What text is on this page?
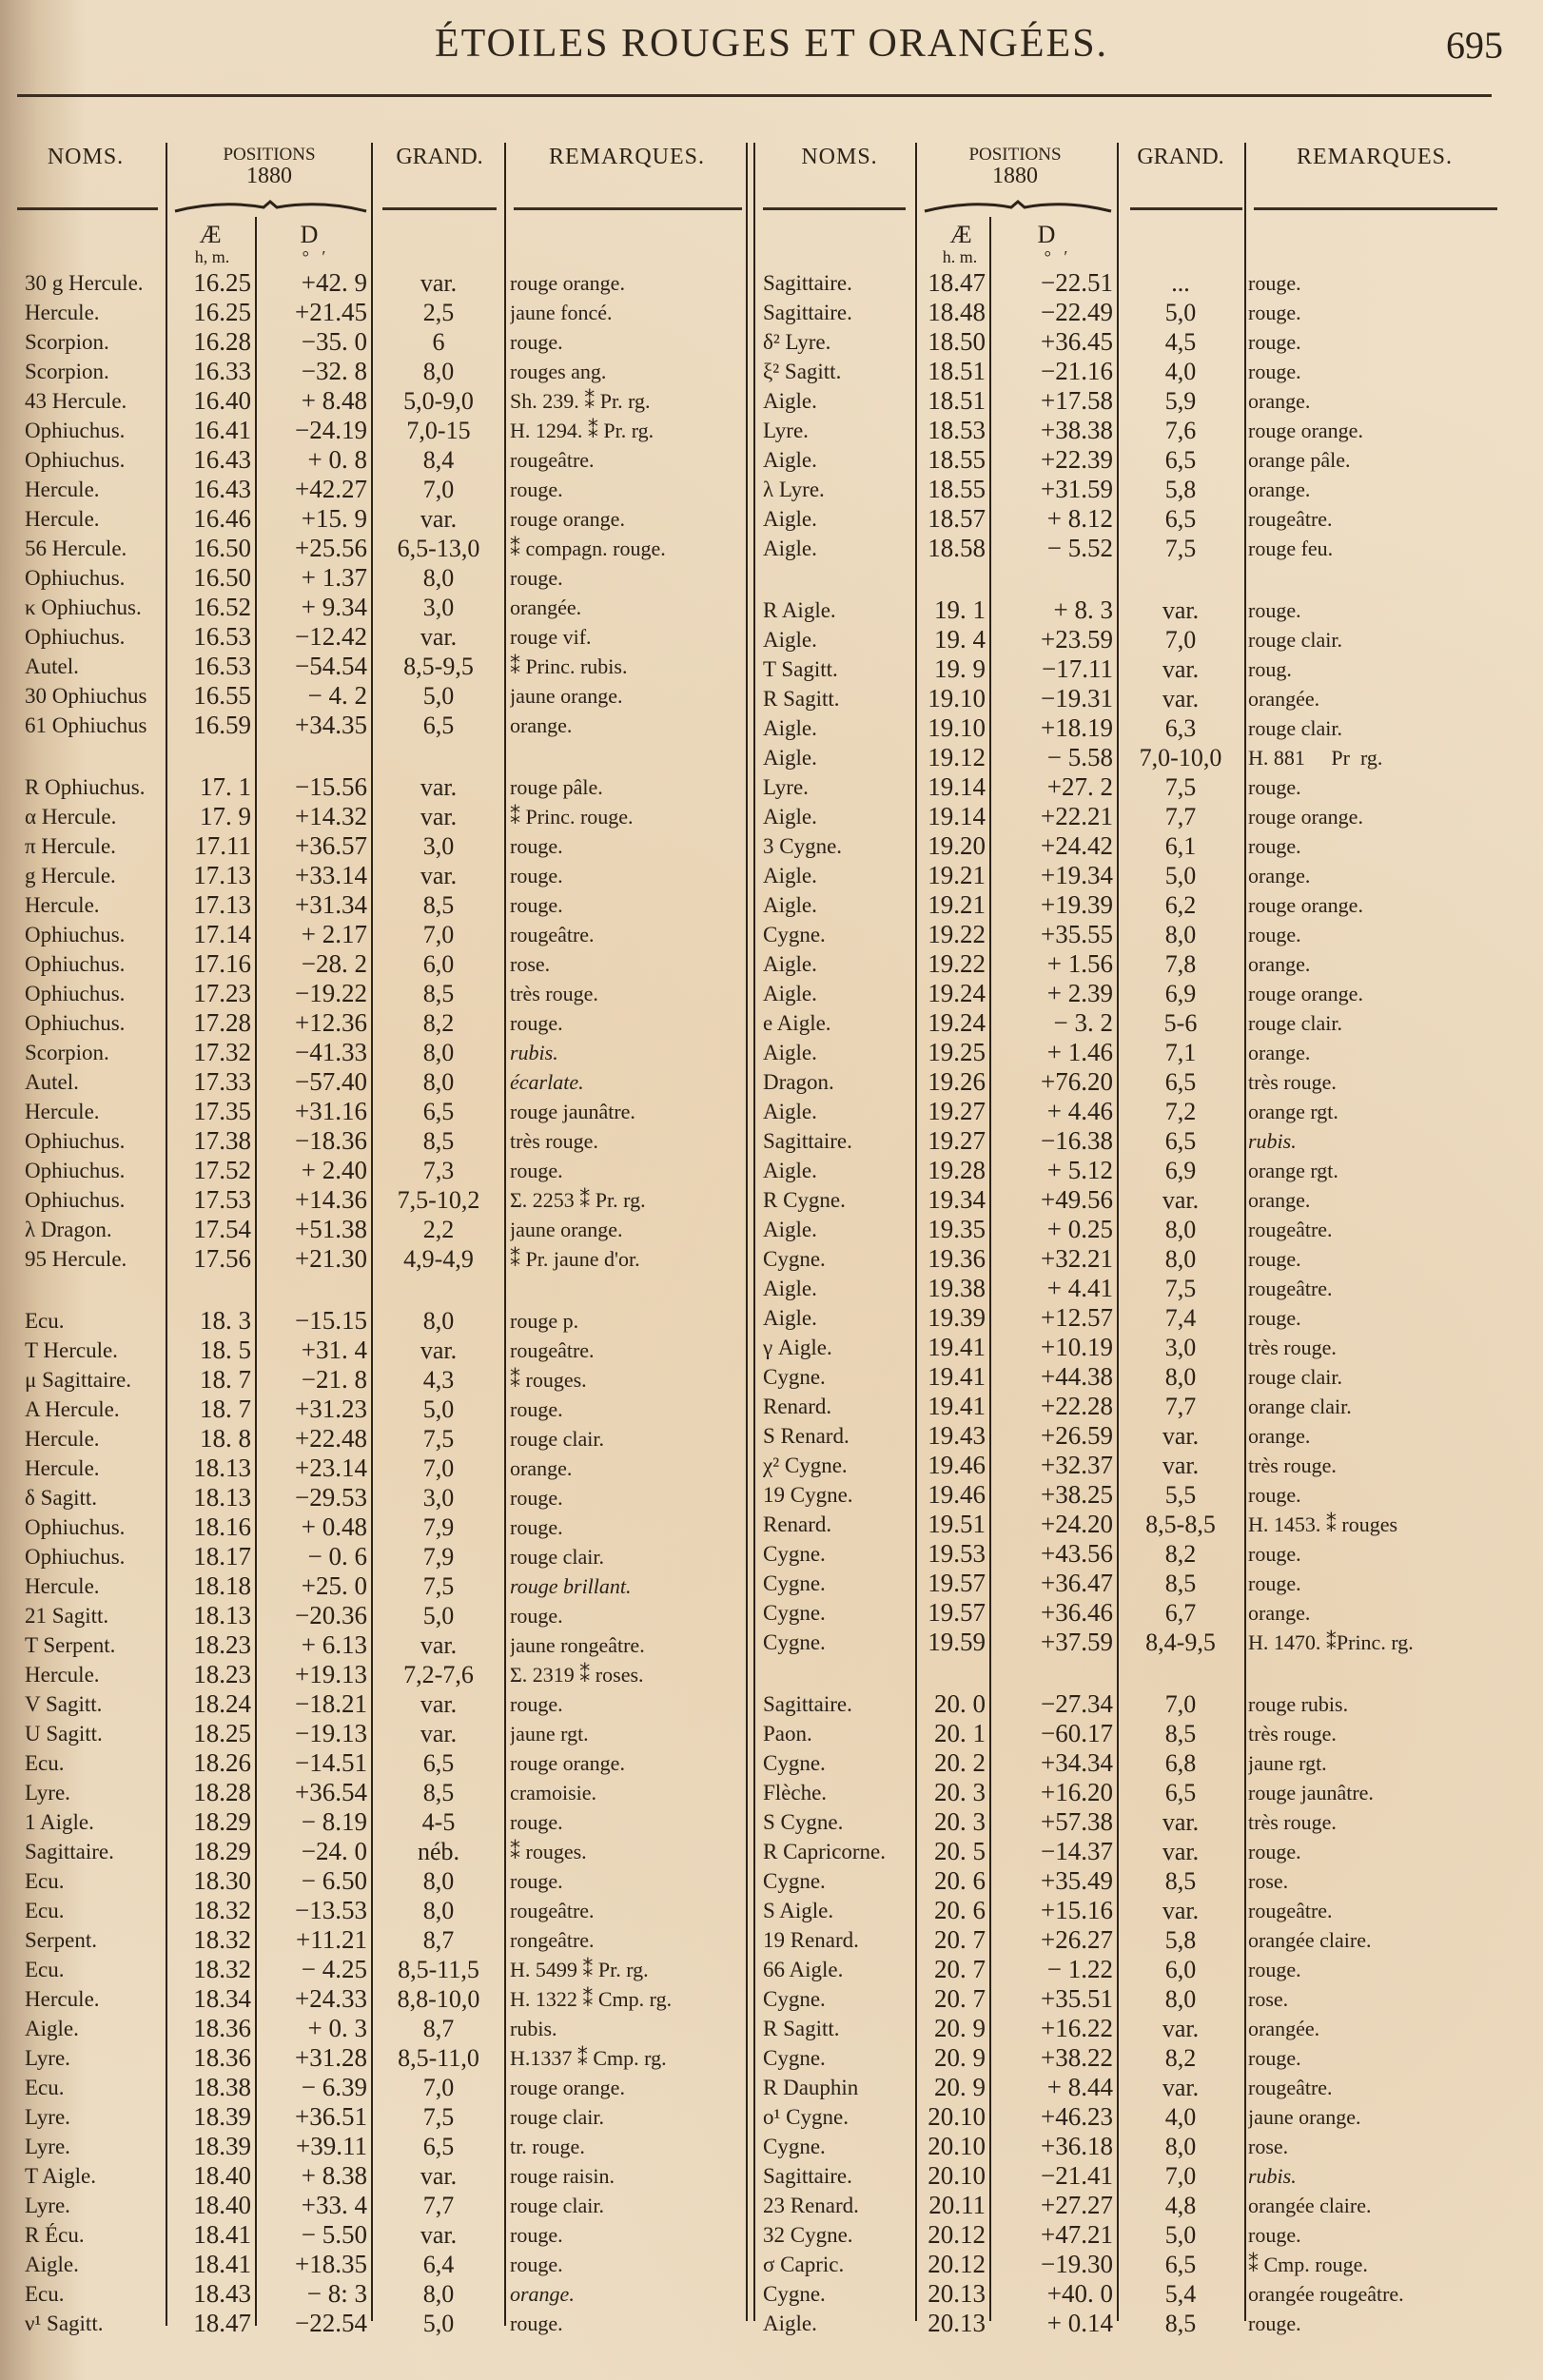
ÉTOILES ROUGES ET ORANGÉES.	695
NOMS.	POSITIONS
1880
GRAND.	REMARQUES.
Æ	D
h, m.	°   ′
30 g Hercule.	16.25	+42. 9	var.	rouge orange.
Hercule.	16.25	+21.45	2,5	jaune foncé.
Scorpion.	16.28	−35. 0	6	rouge.
Scorpion.	16.33	−32. 8	8,0	rouges ang.
43 Hercule.	16.40	+ 8.48	5,0-9,0	Sh. 239. ⁑ Pr. rg.
Ophiuchus.	16.41	−24.19	7,0-15	H. 1294. ⁑ Pr. rg.
Ophiuchus.	16.43	+ 0. 8	8,4	rougeâtre.
Hercule.	16.43	+42.27	7,0	rouge.
Hercule.	16.46	+15. 9	var.	rouge orange.
56 Hercule.	16.50	+25.56	6,5-13,0	⁑ compagn. rouge.
Ophiuchus.	16.50	+ 1.37	8,0	rouge.
κ Ophiuchus.	16.52	+ 9.34	3,0	orangée.
Ophiuchus.	16.53	−12.42	var.	rouge vif.
Autel.	16.53	−54.54	8,5-9,5	⁑ Princ. rubis.
30 Ophiuchus	16.55	− 4. 2	5,0	jaune orange.
61 Ophiuchus	16.59	+34.35	6,5	orange.
R Ophiuchus.	17. 1	−15.56	var.	rouge pâle.
α Hercule.	17. 9	+14.32	var.	⁑ Princ. rouge.
π Hercule.	17.11	+36.57	3,0	rouge.
g Hercule.	17.13	+33.14	var.	rouge.
Hercule.	17.13	+31.34	8,5	rouge.
Ophiuchus.	17.14	+ 2.17	7,0	rougeâtre.
Ophiuchus.	17.16	−28. 2	6,0	rose.
Ophiuchus.	17.23	−19.22	8,5	très rouge.
Ophiuchus.	17.28	+12.36	8,2	rouge.
Scorpion.	17.32	−41.33	8,0	rubis.
Autel.	17.33	−57.40	8,0	écarlate.
Hercule.	17.35	+31.16	6,5	rouge jaunâtre.
Ophiuchus.	17.38	−18.36	8,5	très rouge.
Ophiuchus.	17.52	+ 2.40	7,3	rouge.
Ophiuchus.	17.53	+14.36	7,5-10,2	Σ. 2253 ⁑ Pr. rg.
λ Dragon.	17.54	+51.38	2,2	jaune orange.
95 Hercule.	17.56	+21.30	4,9-4,9	⁑ Pr. jaune d'or.
Ecu.	18. 3	−15.15	8,0	rouge p.
T Hercule.	18. 5	+31. 4	var.	rougeâtre.
μ Sagittaire.	18. 7	−21. 8	4,3	⁑ rouges.
A Hercule.	18. 7	+31.23	5,0	rouge.
Hercule.	18. 8	+22.48	7,5	rouge clair.
Hercule.	18.13	+23.14	7,0	orange.
δ Sagitt.	18.13	−29.53	3,0	rouge.
Ophiuchus.	18.16	+ 0.48	7,9	rouge.
Ophiuchus.	18.17	− 0. 6	7,9	rouge clair.
Hercule.	18.18	+25. 0	7,5	rouge brillant.
21 Sagitt.	18.13	−20.36	5,0	rouge.
T Serpent.	18.23	+ 6.13	var.	jaune rongeâtre.
Hercule.	18.23	+19.13	7,2-7,6	Σ. 2319 ⁑ roses.
V Sagitt.	18.24	−18.21	var.	rouge.
U Sagitt.	18.25	−19.13	var.	jaune rgt.
Ecu.	18.26	−14.51	6,5	rouge orange.
Lyre.	18.28	+36.54	8,5	cramoisie.
1 Aigle.	18.29	− 8.19	4-5	rouge.
Sagittaire.	18.29	−24. 0	néb.	⁑ rouges.
Ecu.	18.30	− 6.50	8,0	rouge.
Ecu.	18.32	−13.53	8,0	rougeâtre.
Serpent.	18.32	+11.21	8,7	rongeâtre.
Ecu.	18.32	− 4.25	8,5-11,5	H. 5499 ⁑ Pr. rg.
Hercule.	18.34	+24.33	8,8-10,0	H. 1322 ⁑ Cmp. rg.
Aigle.	18.36	+ 0. 3	8,7	rubis.
Lyre.	18.36	+31.28	8,5-11,0	H.1337 ⁑ Cmp. rg.
Ecu.	18.38	− 6.39	7,0	rouge orange.
Lyre.	18.39	+36.51	7,5	rouge clair.
Lyre.	18.39	+39.11	6,5	tr. rouge.
T Aigle.	18.40	+ 8.38	var.	rouge raisin.
Lyre.	18.40	+33. 4	7,7	rouge clair.
R Écu.	18.41	− 5.50	var.	rouge.
Aigle.	18.41	+18.35	6,4	rouge.
Ecu.	18.43	− 8: 3	8,0	orange.
ν¹ Sagitt.	18.47	−22.54	5,0	rouge.
NOMS.	POSITIONS
1880
GRAND.	REMARQUES.
Æ	D
h. m.	°   ′
Sagittaire.	18.47	−22.51	...	rouge.
Sagittaire.	18.48	−22.49	5,0	rouge.
δ² Lyre.	18.50	+36.45	4,5	rouge.
ξ² Sagitt.	18.51	−21.16	4,0	rouge.
Aigle.	18.51	+17.58	5,9	orange.
Lyre.	18.53	+38.38	7,6	rouge orange.
Aigle.	18.55	+22.39	6,5	orange pâle.
λ Lyre.	18.55	+31.59	5,8	orange.
Aigle.	18.57	+ 8.12	6,5	rougeâtre.
Aigle.	18.58	− 5.52	7,5	rouge feu.
R Aigle.	19. 1	+ 8. 3	var.	rouge.
Aigle.	19. 4	+23.59	7,0	rouge clair.
T Sagitt.	19. 9	−17.11	var.	roug.
R Sagitt.	19.10	−19.31	var.	orangée.
Aigle.	19.10	+18.19	6,3	rouge clair.
Aigle.	19.12	− 5.58	7,0-10,0	H. 881     Pr  rg.
Lyre.	19.14	+27. 2	7,5	rouge.
Aigle.	19.14	+22.21	7,7	rouge orange.
3 Cygne.	19.20	+24.42	6,1	rouge.
Aigle.	19.21	+19.34	5,0	orange.
Aigle.	19.21	+19.39	6,2	rouge orange.
Cygne.	19.22	+35.55	8,0	rouge.
Aigle.	19.22	+ 1.56	7,8	orange.
Aigle.	19.24	+ 2.39	6,9	rouge orange.
e Aigle.	19.24	− 3. 2	5-6	rouge clair.
Aigle.	19.25	+ 1.46	7,1	orange.
Dragon.	19.26	+76.20	6,5	très rouge.
Aigle.	19.27	+ 4.46	7,2	orange rgt.
Sagittaire.	19.27	−16.38	6,5	rubis.
Aigle.	19.28	+ 5.12	6,9	orange rgt.
R Cygne.	19.34	+49.56	var.	orange.
Aigle.	19.35	+ 0.25	8,0	rougeâtre.
Cygne.	19.36	+32.21	8,0	rouge.
Aigle.	19.38	+ 4.41	7,5	rougeâtre.
Aigle.	19.39	+12.57	7,4	rouge.
γ Aigle.	19.41	+10.19	3,0	très rouge.
Cygne.	19.41	+44.38	8,0	rouge clair.
Renard.	19.41	+22.28	7,7	orange clair.
S Renard.	19.43	+26.59	var.	orange.
χ² Cygne.	19.46	+32.37	var.	très rouge.
19 Cygne.	19.46	+38.25	5,5	rouge.
Renard.	19.51	+24.20	8,5-8,5	H. 1453. ⁑ rouges
Cygne.	19.53	+43.56	8,2	rouge.
Cygne.	19.57	+36.47	8,5	rouge.
Cygne.	19.57	+36.46	6,7	orange.
Cygne.	19.59	+37.59	8,4-9,5	H. 1470. ⁑Princ. rg.
Sagittaire.	20. 0	−27.34	7,0	rouge rubis.
Paon.	20. 1	−60.17	8,5	très rouge.
Cygne.	20. 2	+34.34	6,8	jaune rgt.
Flèche.	20. 3	+16.20	6,5	rouge jaunâtre.
S Cygne.	20. 3	+57.38	var.	très rouge.
R Capricorne.	20. 5	−14.37	var.	rouge.
Cygne.	20. 6	+35.49	8,5	rose.
S Aigle.	20. 6	+15.16	var.	rougeâtre.
19 Renard.	20. 7	+26.27	5,8	orangée claire.
66 Aigle.	20. 7	− 1.22	6,0	rouge.
Cygne.	20. 7	+35.51	8,0	rose.
R Sagitt.	20. 9	+16.22	var.	orangée.
Cygne.	20. 9	+38.22	8,2	rouge.
R Dauphin	20. 9	+ 8.44	var.	rougeâtre.
o¹ Cygne.	20.10	+46.23	4,0	jaune orange.
Cygne.	20.10	+36.18	8,0	rose.
Sagittaire.	20.10	−21.41	7,0	rubis.
23 Renard.	20.11	+27.27	4,8	orangée claire.
32 Cygne.	20.12	+47.21	5,0	rouge.
σ Capric.	20.12	−19.30	6,5	⁑ Cmp. rouge.
Cygne.	20.13	+40. 0	5,4	orangée rougeâtre.
Aigle.	20.13	+ 0.14	8,5	rouge.
